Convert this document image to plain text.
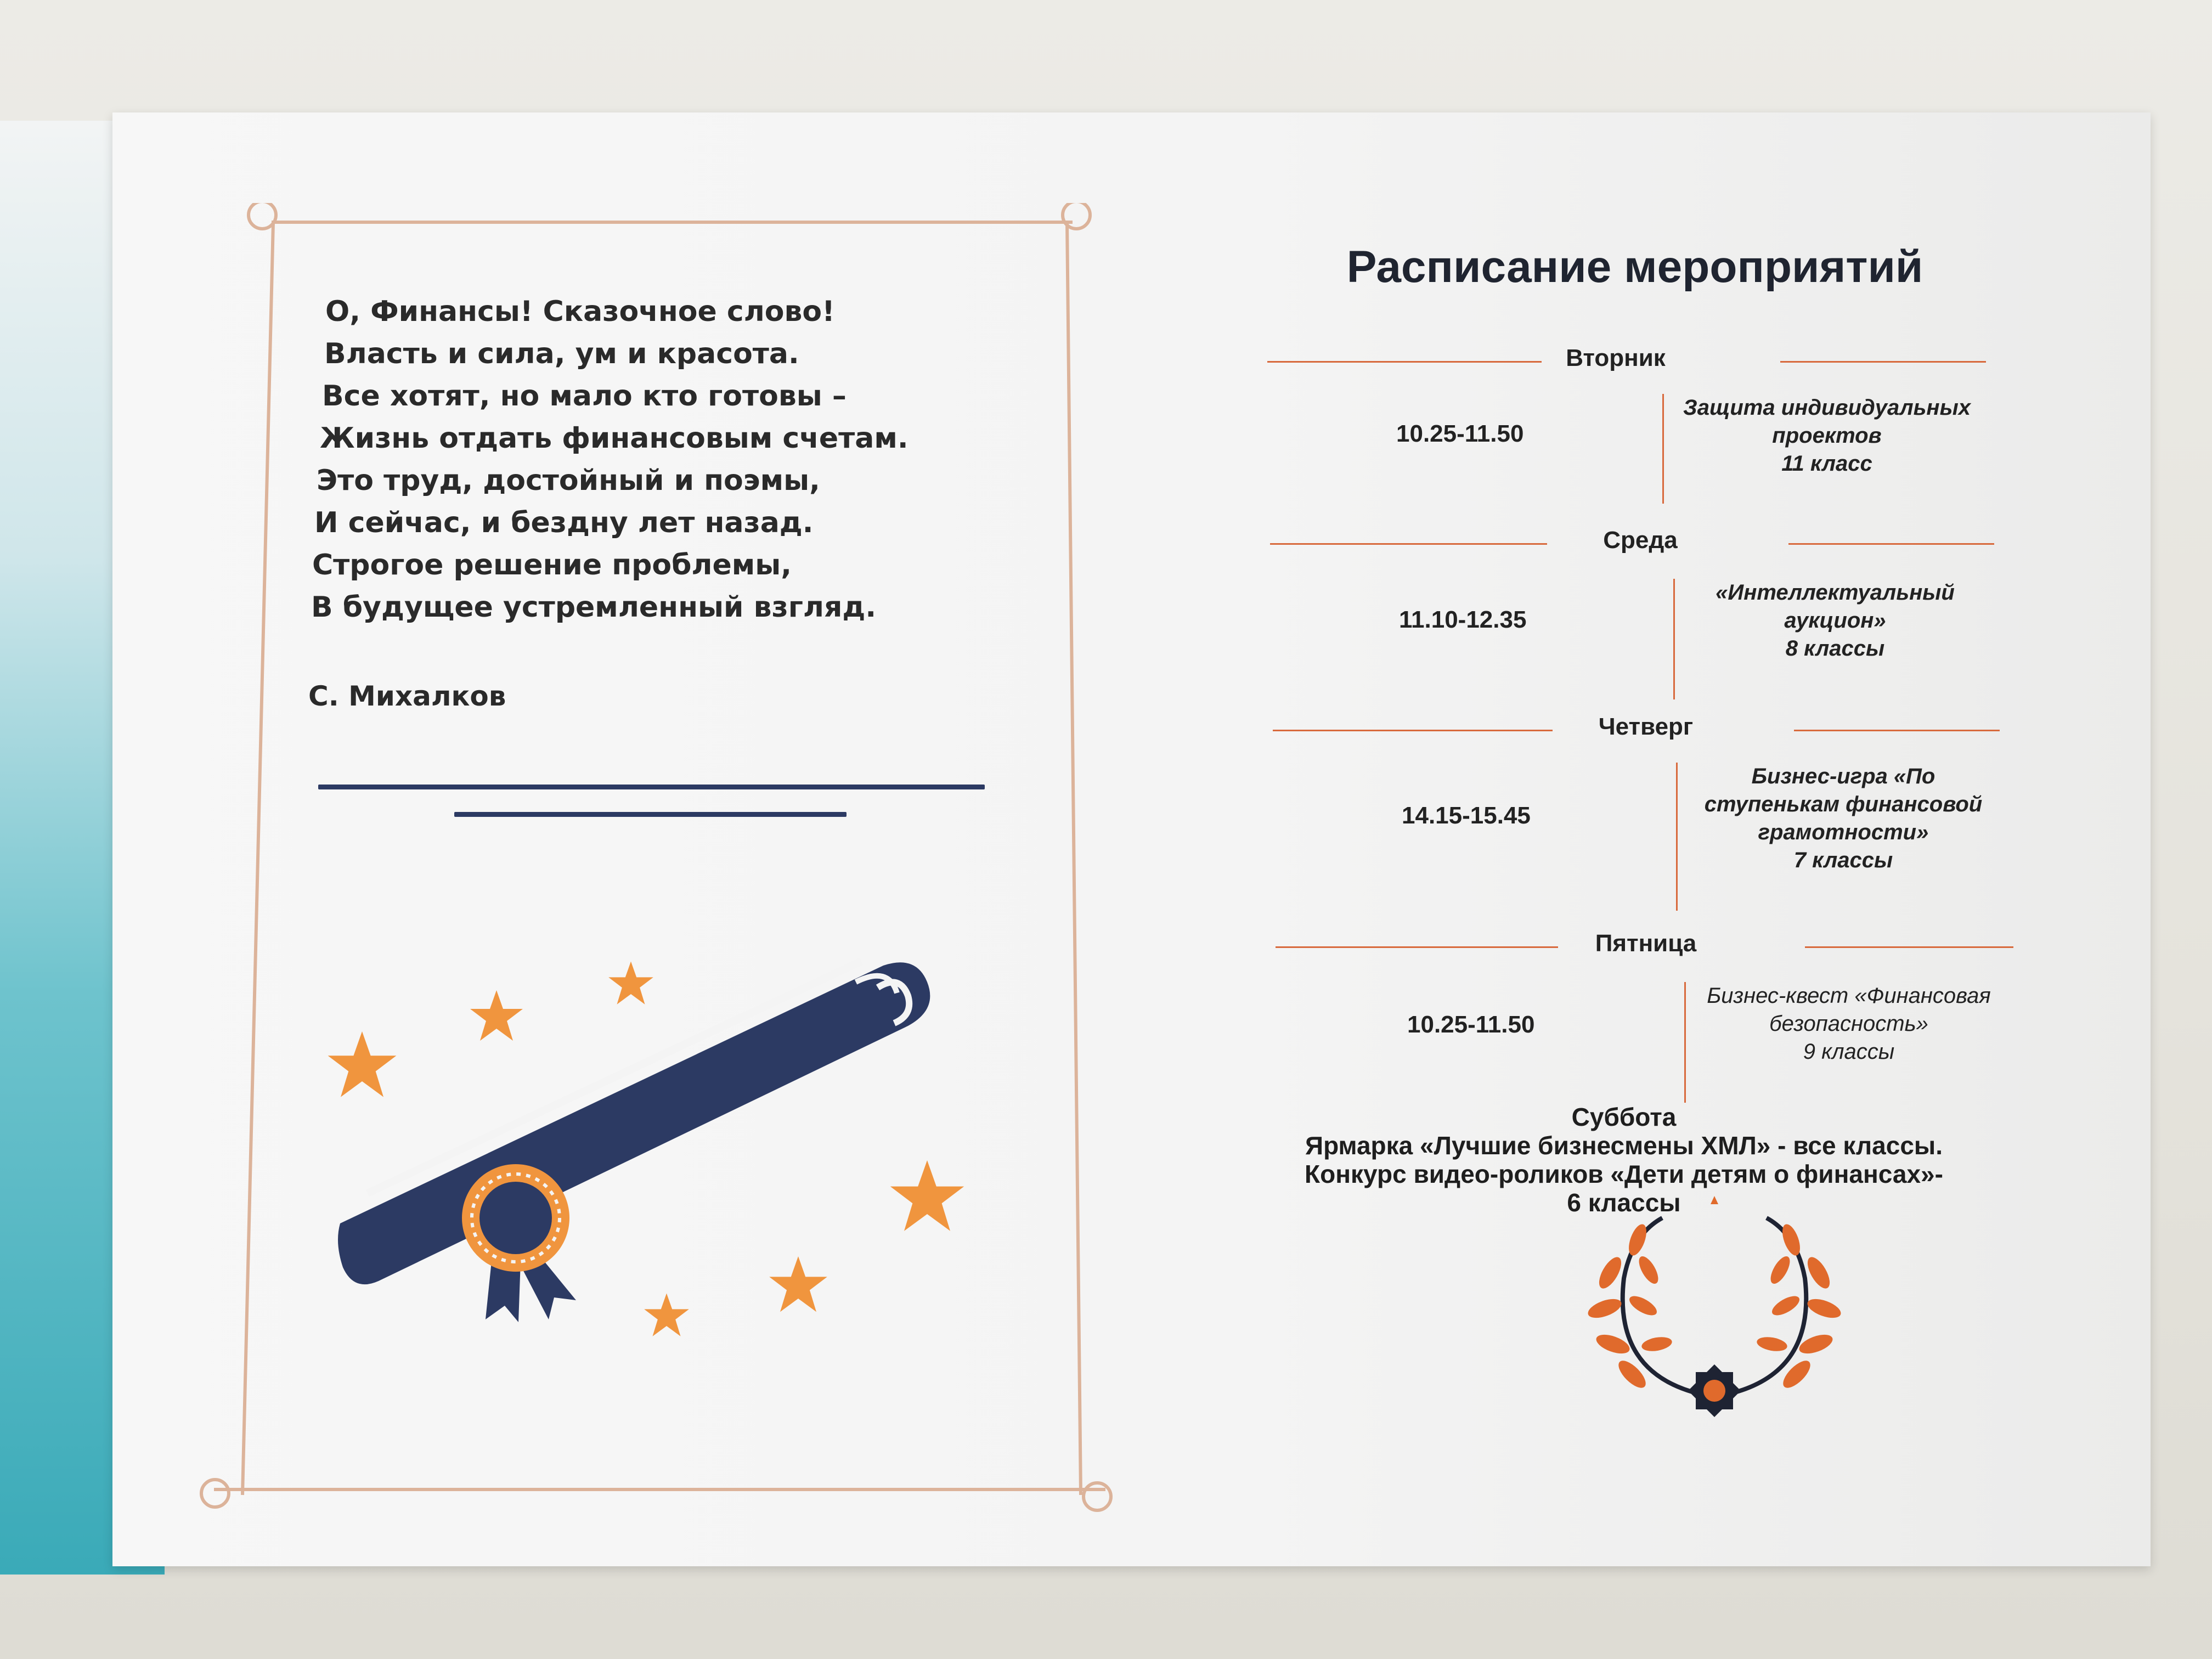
О, Финансы! Сказочное слово!
Власть и сила, ум и красота.
Все хотят, но мало кто готовы –
Жизнь отдать финансовым счетам.
Это труд, достойный и поэмы,
И сейчас, и бездну лет назад.
Строгое решение проблемы,
В будущее устремленный взгляд.
С. Михалков
Расписание мероприятий
Вторник
10.25-11.50
Защита индивидуальных
проектов
11 класс
Среда
11.10-12.35
«Интеллектуальный
аукцион»
8 классы
Четверг
14.15-15.45
Бизнес-игра «По
ступенькам финансовой
грамотности»
7 классы
Пятница
10.25-11.50
Бизнес-квест «Финансовая
безопасность»
9 классы
Суббота
Ярмарка «Лучшие бизнесмены ХМЛ» - все классы.
Конкурс видео-роликов «Дети детям о финансах»-
6 классы
